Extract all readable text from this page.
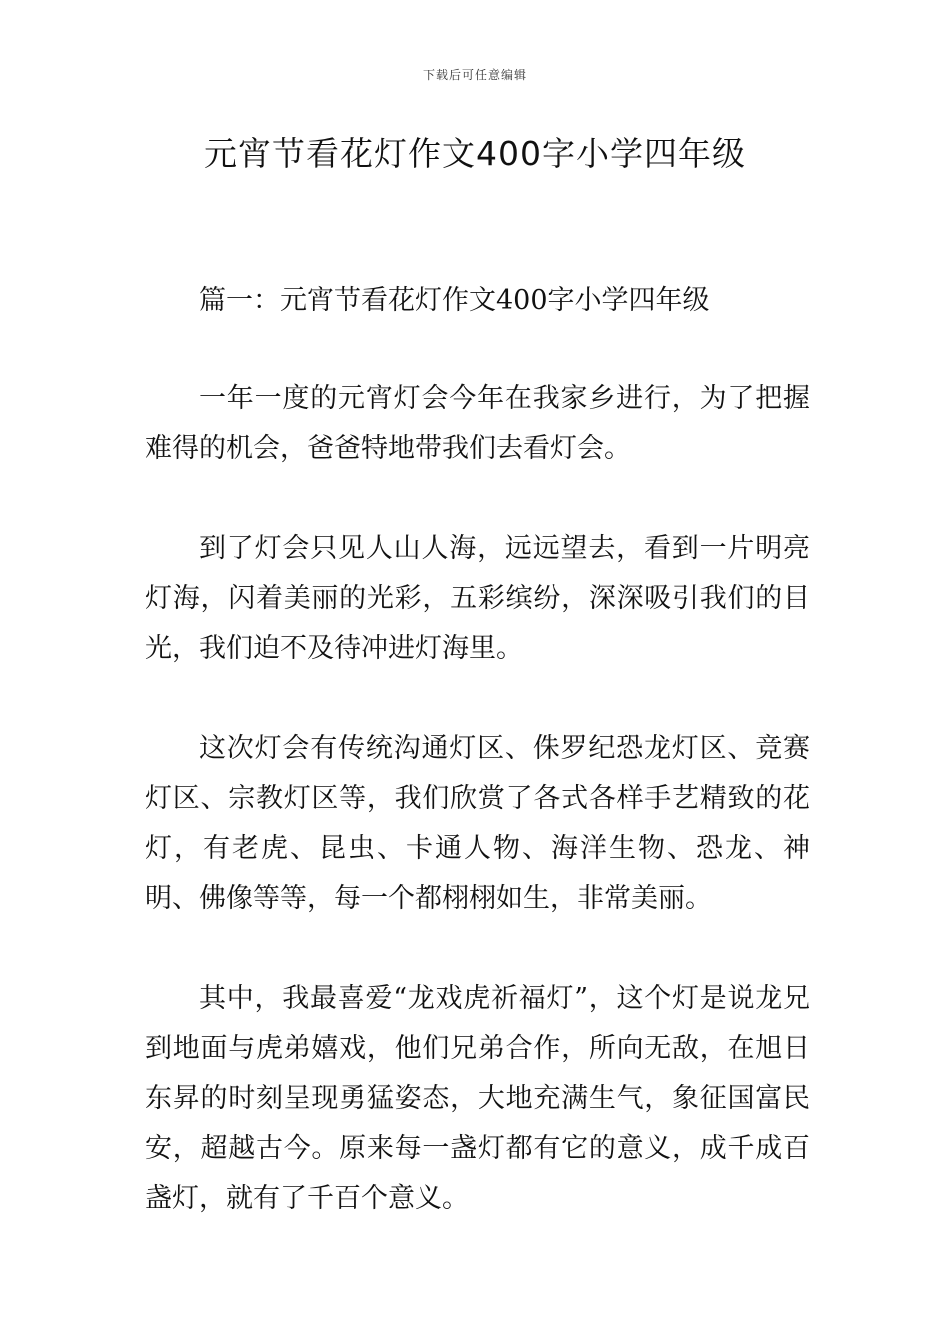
下载后可任意编辑
元宵节看花灯作文400字小学四年级

篇一：元宵节看花灯作文400字小学四年级

一年一度的元宵灯会今年在我家乡进行，为了把握难得的机会，爸爸特地带我们去看灯会。

到了灯会只见人山人海，远远望去，看到一片明亮灯海，闪着美丽的光彩，五彩缤纷，深深吸引我们的目光，我们迫不及待冲进灯海里。

这次灯会有传统沟通灯区、侏罗纪恐龙灯区、竞赛灯区、宗教灯区等，我们欣赏了各式各样手艺精致的花灯，有老虎、昆虫、卡通人物、海洋生物、恐龙、神明、佛像等等，每一个都栩栩如生，非常美丽。

其中，我最喜爱“龙戏虎祈福灯”，这个灯是说龙兄到地面与虎弟嬉戏，他们兄弟合作，所向无敌，在旭日东昇的时刻呈现勇猛姿态，大地充满生气，象征国富民安，超越古今。原来每一盏灯都有它的意义，成千成百盏灯，就有了千百个意义。
